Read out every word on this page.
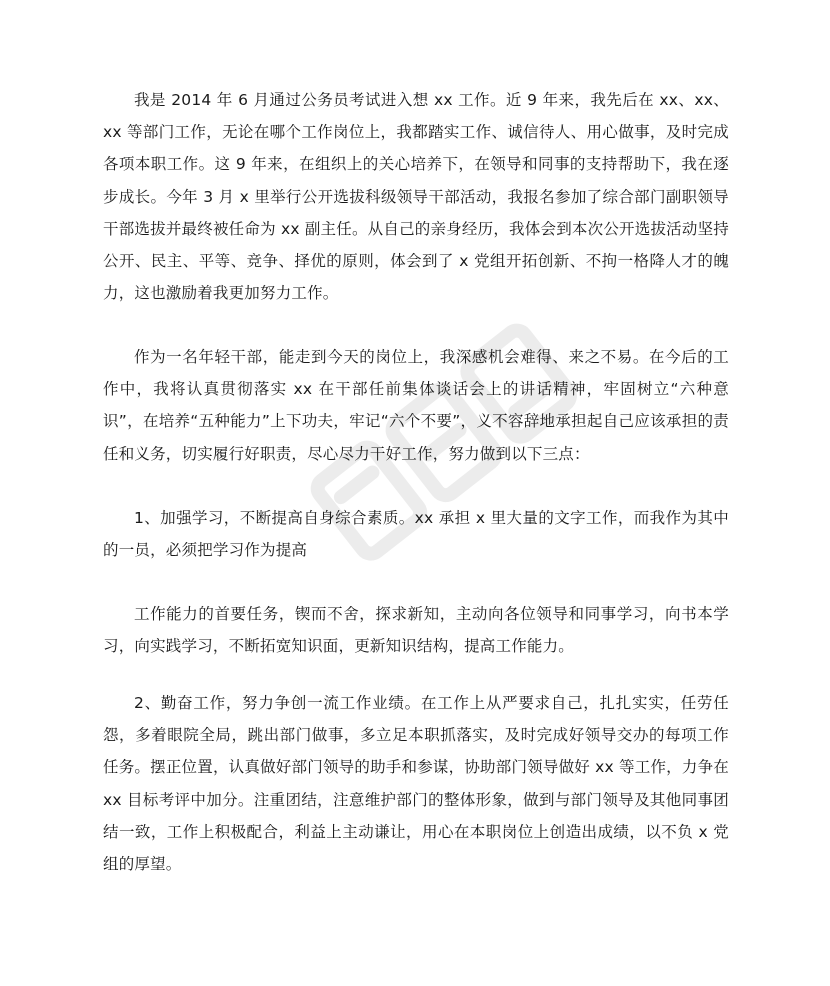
我是 2014 年 6 月通过公务员考试进入想 xx 工作。近 9 年来，我先后在 xx、xx、xx 等部门工作，无论在哪个工作岗位上，我都踏实工作、诚信待人、用心做事，及时完成各项本职工作。这 9 年来，在组织上的关心培养下，在领导和同事的支持帮助下，我在逐步成长。今年 3 月 x 里举行公开选拔科级领导干部活动，我报名参加了综合部门副职领导干部选拔并最终被任命为 xx 副主任。从自己的亲身经历，我体会到本次公开选拔活动坚持公开、民主、平等、竞争、择优的原则，体会到了 x 党组开拓创新、不拘一格降人才的魄力，这也激励着我更加努力工作。

作为一名年轻干部，能走到今天的岗位上，我深感机会难得、来之不易。在今后的工作中，我将认真贯彻落实 xx 在干部任前集体谈话会上的讲话精神，牢固树立“六种意识”，在培养“五种能力”上下功夫，牢记“六个不要”，义不容辞地承担起自己应该承担的责任和义务，切实履行好职责，尽心尽力干好工作，努力做到以下三点：

1、加强学习，不断提高自身综合素质。xx 承担 x 里大量的文字工作，而我作为其中的一员，必须把学习作为提高

工作能力的首要任务，锲而不舍，探求新知，主动向各位领导和同事学习，向书本学习，向实践学习，不断拓宽知识面，更新知识结构，提高工作能力。

2、勤奋工作，努力争创一流工作业绩。在工作上从严要求自己，扎扎实实，任劳任怨，多着眼院全局，跳出部门做事，多立足本职抓落实，及时完成好领导交办的每项工作任务。摆正位置，认真做好部门领导的助手和参谋，协助部门领导做好 xx 等工作，力争在 xx 目标考评中加分。注重团结，注意维护部门的整体形象，做到与部门领导及其他同事团结一致，工作上积极配合，利益上主动谦让，用心在本职岗位上创造出成绩，以不负 x 党组的厚望。
